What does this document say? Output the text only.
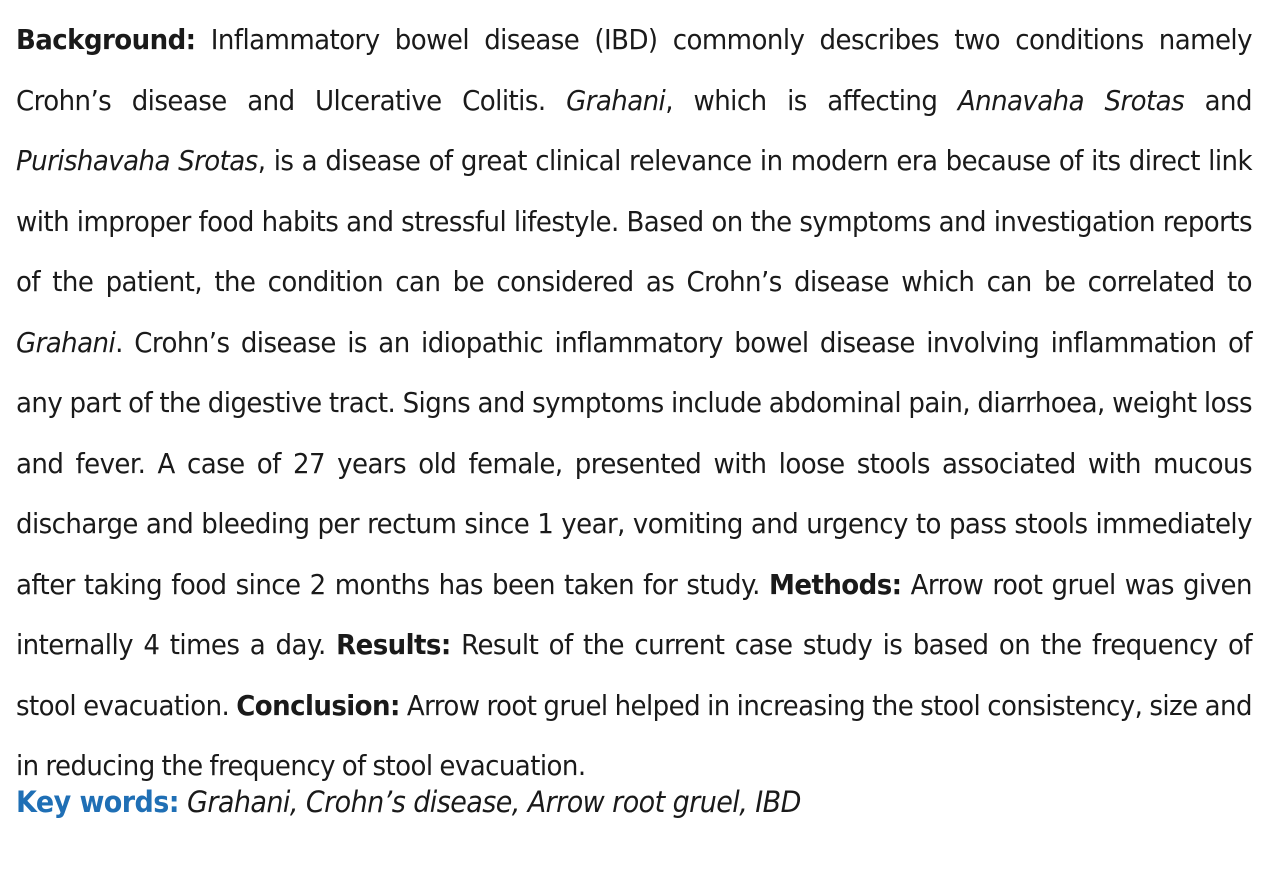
Background: Inflammatory bowel disease (IBD) commonly describes two conditions namely Crohn’s disease and Ulcerative Colitis. Grahani, which is affecting Annavaha Srotas and Purishavaha Srotas, is a disease of great clinical relevance in modern era because of its direct link with improper food habits and stressful lifestyle. Based on the symptoms and investigation reports of the patient, the condition can be considered as Crohn’s disease which can be correlated to Grahani. Crohn’s disease is an idiopathic inflammatory bowel disease involving inflammation of any part of the digestive tract. Signs and symptoms include abdominal pain, diarrhoea, weight loss and fever. A case of 27 years old female, presented with loose stools associated with mucous discharge and bleeding per rectum since 1 year, vomiting and urgency to pass stools immediately after taking food since 2 months has been taken for study. Methods: Arrow root gruel was given internally 4 times a day. Results: Result of the current case study is based on the frequency of stool evacuation. Conclusion: Arrow root gruel helped in increasing the stool consistency, size and in reducing the frequency of stool evacuation.

Key words: Grahani, Crohn’s disease, Arrow root gruel, IBD
